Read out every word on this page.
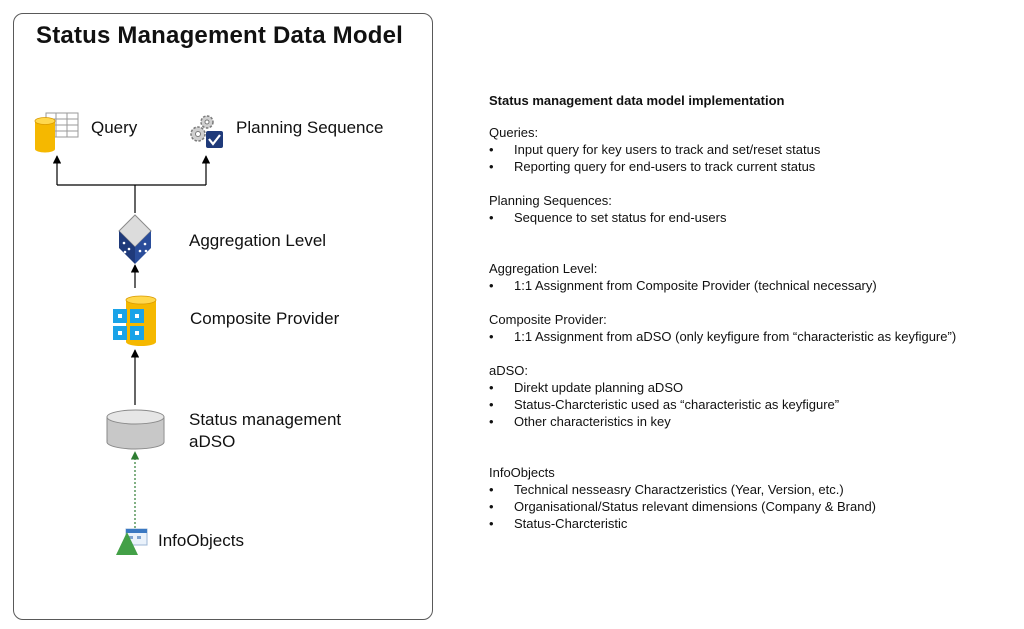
Status Management Data Model
Query	Planning Sequence
Aggregation Level
Composite Provider
Status management
aDSO
InfoObjects
Status management data model implementation
Queries:
• Input query for key users to track and set/reset status
• Reporting query for end-users to track current status
Planning Sequences:
• Sequence to set status for end-users
Aggregation Level:
• 1:1 Assignment from Composite Provider (technical necessary)
Composite Provider:
• 1:1 Assignment from aDSO (only keyfigure from “characteristic as keyfigure”)
aDSO:
• Direkt update planning aDSO
• Status-Charcteristic used as “characteristic as keyfigure”
• Other characteristics in key
InfoObjects
• Technical nesseasry Charactzeristics (Year, Version, etc.)
• Organisational/Status relevant dimensions (Company & Brand)
• Status-Charcteristic
